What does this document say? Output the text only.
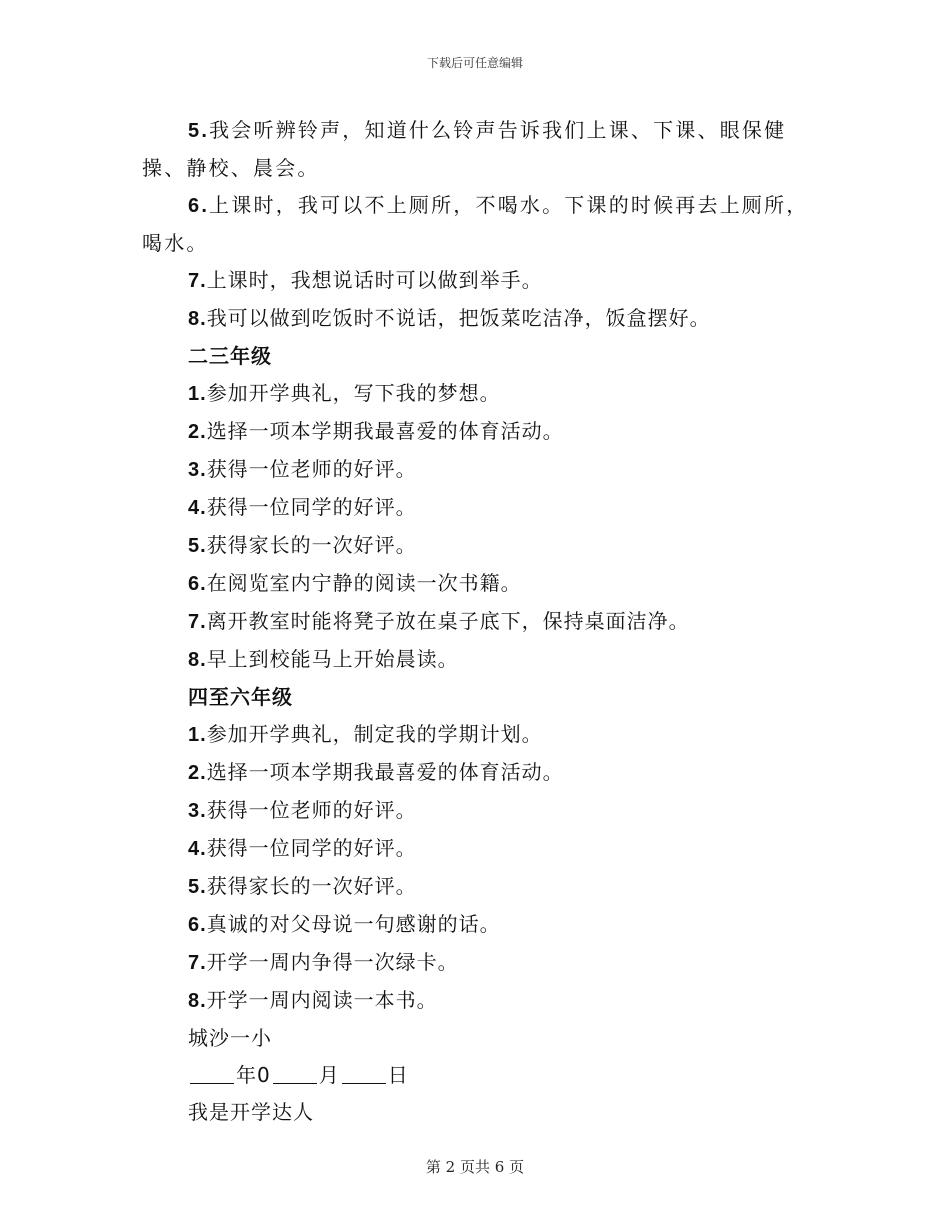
下载后可任意编辑

5.我会听辨铃声，知道什么铃声告诉我们上课、下课、眼保健操、静校、晨会。

6.上课时，我可以不上厕所，不喝水。下课的时候再去上厕所，喝水。

7.上课时，我想说话时可以做到举手。

8.我可以做到吃饭时不说话，把饭菜吃洁净，饭盒摆好。

二三年级

1.参加开学典礼，写下我的梦想。

2.选择一项本学期我最喜爱的体育活动。

3.获得一位老师的好评。

4.获得一位同学的好评。

5.获得家长的一次好评。

6.在阅览室内宁静的阅读一次书籍。

7.离开教室时能将凳子放在桌子底下，保持桌面洁净。

8.早上到校能马上开始晨读。

四至六年级

1.参加开学典礼，制定我的学期计划。

2.选择一项本学期我最喜爱的体育活动。

3.获得一位老师的好评。

4.获得一位同学的好评。

5.获得家长的一次好评。

6.真诚的对父母说一句感谢的话。

7.开学一周内争得一次绿卡。

8.开学一周内阅读一本书。

城沙一小

年0 月 日

我是开学达人

第 2 页共 6 页
